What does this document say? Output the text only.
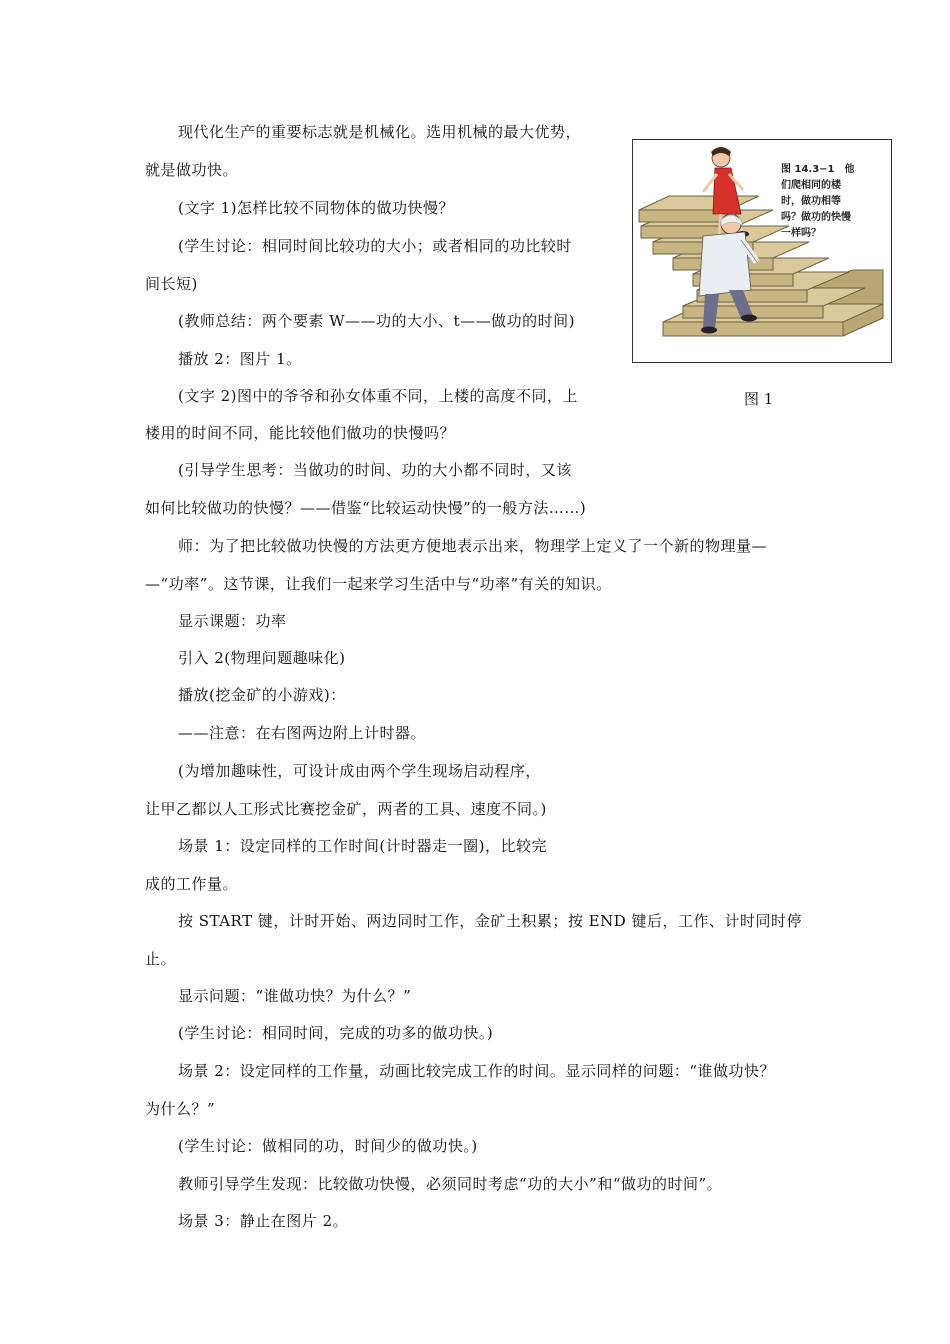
现代化生产的重要标志就是机械化。选用机械的最大优势，
就是做功快。
(文字 1)怎样比较不同物体的做功快慢？
(学生讨论：相同时间比较功的大小；或者相同的功比较时
间长短)
(教师总结：两个要素 W——功的大小、t——做功的时间)
播放 2：图片 1。
(文字 2)图中的爷爷和孙女体重不同，上楼的高度不同，上
楼用的时间不同，能比较他们做功的快慢吗？
(引导学生思考：当做功的时间、功的大小都不同时，又该
如何比较做功的快慢？——借鉴“比较运动快慢”的一般方法……)
师：为了把比较做功快慢的方法更方便地表示出来，物理学上定义了一个新的物理量—
—“功率”。这节课，让我们一起来学习生活中与“功率”有关的知识。
显示课题：功率
引入 2(物理问题趣味化)
播放(挖金矿的小游戏)：
——注意：在右图两边附上计时器。
(为增加趣味性，可设计成由两个学生现场启动程序，
让甲乙都以人工形式比赛挖金矿，两者的工具、速度不同。)
场景 1：设定同样的工作时间(计时器走一圈)，比较完
成的工作量。
按 START 键，计时开始、两边同时工作，金矿土积累；按 END 键后，工作、计时同时停
止。
显示问题：“谁做功快？为什么？”
(学生讨论：相同时间，完成的功多的做功快。)
场景 2：设定同样的工作量，动画比较完成工作的时间。显示同样的问题：“谁做功快？
为什么？”
(学生讨论：做相同的功，时间少的做功快。)
教师引导学生发现：比较做功快慢，必须同时考虑“功的大小”和“做功的时间”。
场景 3：静止在图片 2。
图 14.3−1　他
们爬相同的楼
时，做功相等
吗？做功的快慢
一样吗？
图 1
